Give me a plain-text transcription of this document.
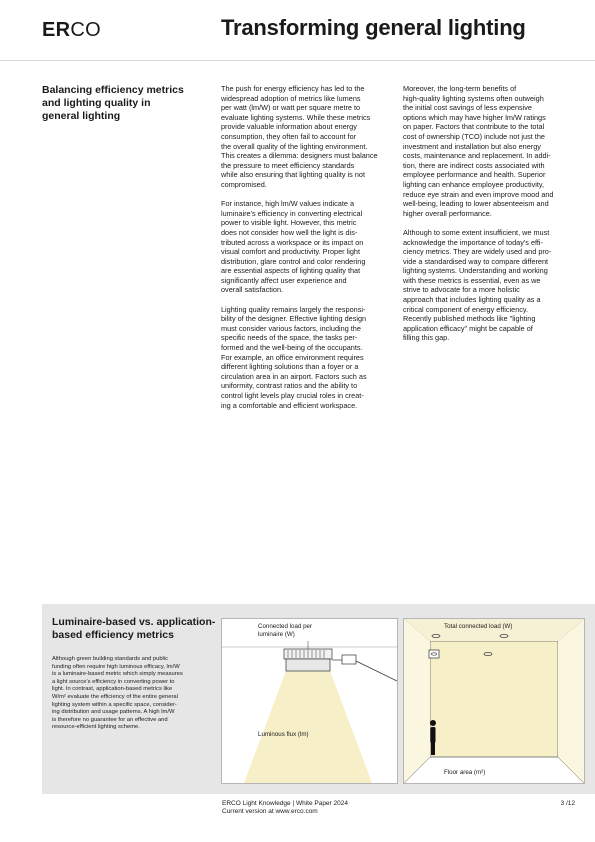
ERCO	Transforming general lighting
Balancing efficiency metrics
and lighting quality in
general lighting

The push for energy efficiency has led to the
widespread adoption of metrics like lumens
per watt (lm/W) or watt per square metre to
evaluate lighting systems. While these metrics
provide valuable information about energy
consumption, they often fail to account for
the overall quality of the lighting environment.
This creates a dilemma: designers must balance
the pressure to meet efficiency standards
while also ensuring that lighting quality is not
compromised.

For instance, high lm/W values indicate a
luminaire's efficiency in converting electrical
power to visible light. However, this metric
does not consider how well the light is dis-
tributed across a workspace or its impact on
visual comfort and productivity. Proper light
distribution, glare control and color rendering
are essential aspects of lighting quality that
significantly affect user experience and
overall satisfaction.

Lighting quality remains largely the responsi-
bility of the designer. Effective lighting design
must consider various factors, including the
specific needs of the space, the tasks per-
formed and the well-being of the occupants.
For example, an office environment requires
different lighting solutions than a foyer or a
circulation area in an airport. Factors such as
uniformity, contrast ratios and the ability to
control light levels play crucial roles in creat-
ing a comfortable and efficient workspace.

Moreover, the long-term benefits of
high-quality lighting systems often outweigh
the initial cost savings of less expensive
options which may have higher lm/W ratings
on paper. Factors that contribute to the total
cost of ownership (TCO) include not just the
investment and installation but also energy
costs, maintenance and replacement. In addi-
tion, there are indirect costs associated with
employee performance and health. Superior
lighting can enhance employee productivity,
reduce eye strain and even improve mood and
well-being, leading to lower absenteeism and
higher overall performance.

Although to some extent insufficient, we must
acknowledge the importance of today's effi-
ciency metrics. They are widely used and pro-
vide a standardised way to compare different
lighting systems. Understanding and working
with these metrics is essential, even as we
strive to advocate for a more holistic
approach that includes lighting quality as a
critical component of energy efficiency.
Recently published methods like "lighting
application efficacy" might be capable of
filling this gap.

Luminaire-based vs. application-
based efficiency metrics
Although green building standards and public
funding often require high luminous efficacy, lm/W
is a luminaire-based metric which simply measures
a light source's efficiency in converting power to
light. In contrast, application-based metrics like
W/m² evaluate the efficiency of the entire general
lighting system within a specific space, consider-
ing distribution and usage patterns. A high lm/W
is therefore no guarantee for an effective and
resource-efficient lighting scheme.
Connected load per
luminaire (W)
Luminous flux (lm)
Total connected load (W)
Floor area (m²)
ERCO Light Knowledge | White Paper 2024
Current version at www.erco.com
3 /12
